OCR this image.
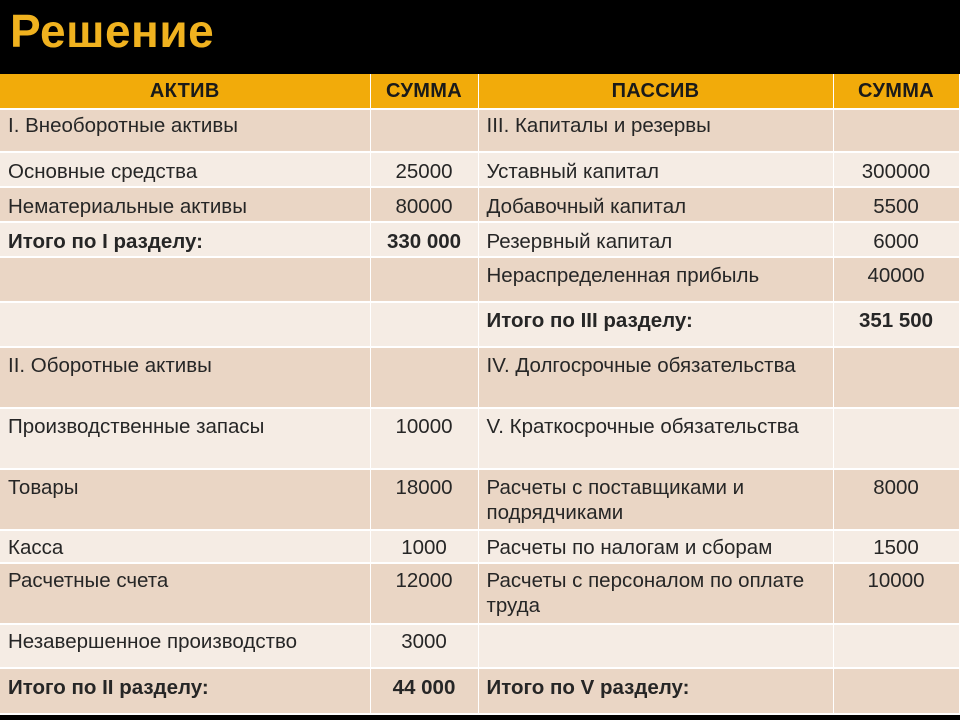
Решение
АКТИВ	СУММА	ПАССИВ	СУММА
I. Внеоборотные активы		III. Капиталы и резервы	
Основные средства	25000	Уставный капитал	300000
Нематериальные активы	80000	Добавочный капитал	5500
Итого по I разделу:	330 000	Резервный капитал	6000
		Нераспределенная прибыль	40000
		Итого по III разделу:	351 500
II. Оборотные активы		IV. Долгосрочные обязательства	
Производственные запасы	10000	V. Краткосрочные обязательства	
Товары	18000	Расчеты с поставщиками и подрядчиками	8000
Касса	1000	Расчеты по налогам и сборам	1500
Расчетные счета	12000	Расчеты с персоналом по оплате труда	10000
Незавершенное производство	3000		
Итого по II разделу:	44 000	Итого по V разделу:	
